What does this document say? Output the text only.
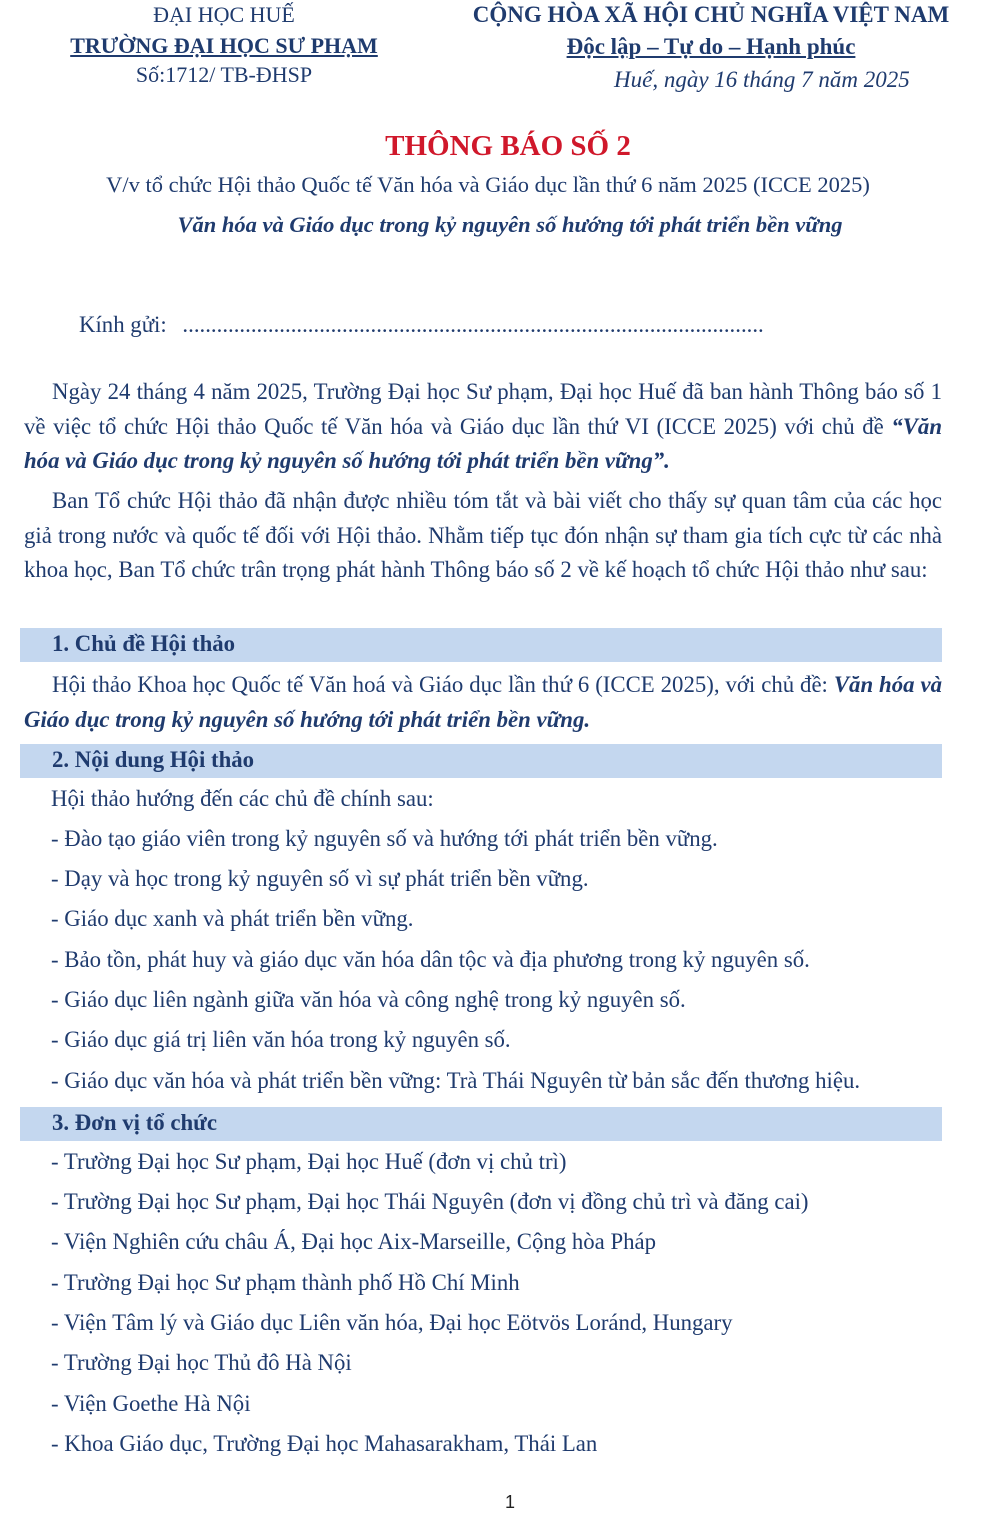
ĐẠI HỌC HUẾ
TRƯỜNG ĐẠI HỌC SƯ PHẠM
Số:1712/ TB-ĐHSP
CỘNG HÒA XÃ HỘI CHỦ NGHĨA VIỆT NAM
Độc lập – Tự do – Hạnh phúc
Huế, ngày 16 tháng 7 năm 2025
THÔNG BÁO SỐ 2
V/v tổ chức Hội thảo Quốc tế Văn hóa và Giáo dục lần thứ 6 năm 2025 (ICCE 2025)
Văn hóa và Giáo dục trong kỷ nguyên số hướng tới phát triển bền vững
Kính gửi: ......................................................................................................
Ngày 24 tháng 4 năm 2025, Trường Đại học Sư phạm, Đại học Huế đã ban hành Thông báo số 1 về việc tổ chức Hội thảo Quốc tế Văn hóa và Giáo dục lần thứ VI (ICCE 2025) với chủ đề “Văn hóa và Giáo dục trong kỷ nguyên số hướng tới phát triển bền vững”.
Ban Tổ chức Hội thảo đã nhận được nhiều tóm tắt và bài viết cho thấy sự quan tâm của các học giả trong nước và quốc tế đối với Hội thảo. Nhằm tiếp tục đón nhận sự tham gia tích cực từ các nhà khoa học, Ban Tổ chức trân trọng phát hành Thông báo số 2 về kế hoạch tổ chức Hội thảo như sau:
1. Chủ đề Hội thảo
Hội thảo Khoa học Quốc tế Văn hoá và Giáo dục lần thứ 6 (ICCE 2025), với chủ đề: Văn hóa và Giáo dục trong kỷ nguyên số hướng tới phát triển bền vững.
2. Nội dung Hội thảo
Hội thảo hướng đến các chủ đề chính sau:
- Đào tạo giáo viên trong kỷ nguyên số và hướng tới phát triển bền vững.
- Dạy và học trong kỷ nguyên số vì sự phát triển bền vững.
- Giáo dục xanh và phát triển bền vững.
- Bảo tồn, phát huy và giáo dục văn hóa dân tộc và địa phương trong kỷ nguyên số.
- Giáo dục liên ngành giữa văn hóa và công nghệ trong kỷ nguyên số.
- Giáo dục giá trị liên văn hóa trong kỷ nguyên số.
- Giáo dục văn hóa và phát triển bền vững: Trà Thái Nguyên từ bản sắc đến thương hiệu.
3. Đơn vị tổ chức
- Trường Đại học Sư phạm, Đại học Huế (đơn vị chủ trì)
- Trường Đại học Sư phạm, Đại học Thái Nguyên (đơn vị đồng chủ trì và đăng cai)
- Viện Nghiên cứu châu Á, Đại học Aix-Marseille, Cộng hòa Pháp
- Trường Đại học Sư phạm thành phố Hồ Chí Minh
- Viện Tâm lý và Giáo dục Liên văn hóa, Đại học Eötvös Loránd, Hungary
- Trường Đại học Thủ đô Hà Nội
- Viện Goethe Hà Nội
- Khoa Giáo dục, Trường Đại học Mahasarakham, Thái Lan
1
